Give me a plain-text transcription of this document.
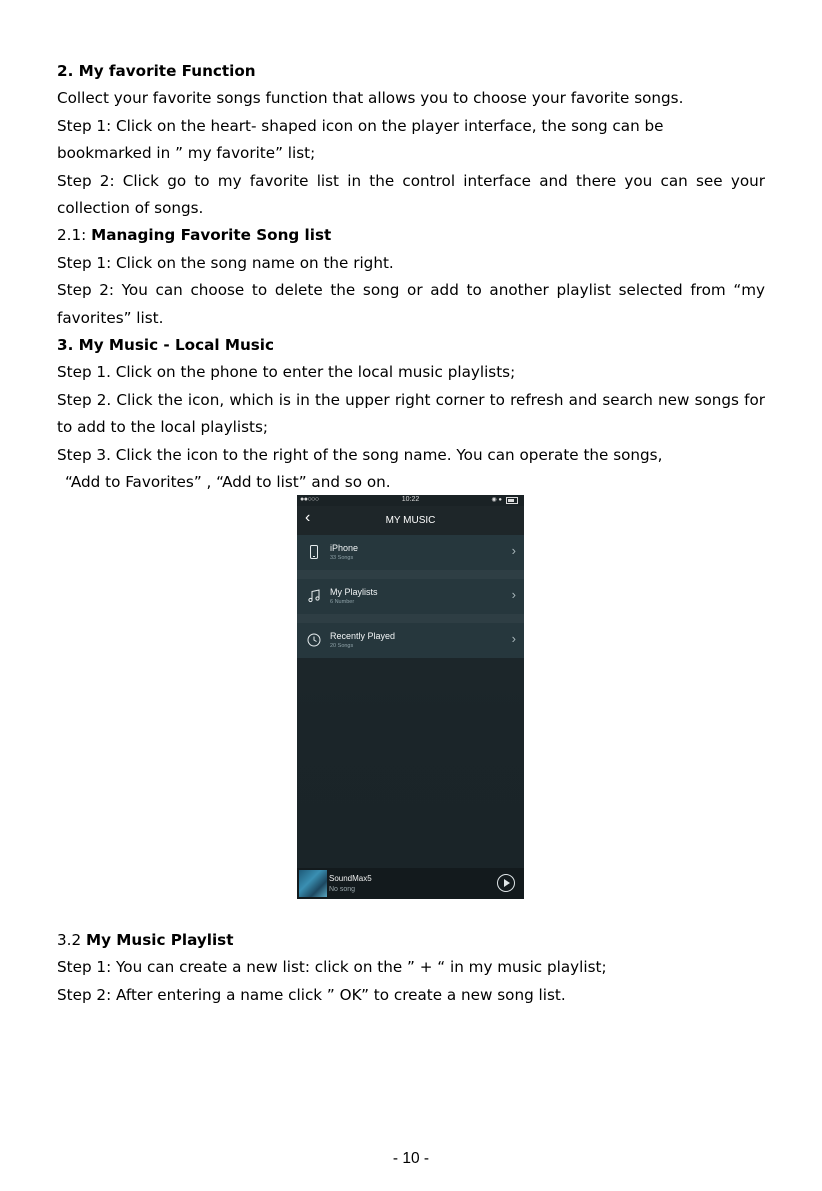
2. My favorite Function
Collect your favorite songs function that allows you to choose your favorite songs.
Step 1: Click on the heart- shaped icon on the player interface, the song can be
bookmarked in ” my favorite” list;
Step 2: Click go to my favorite list in the control interface and there you can see your
collection of songs.
2.1: Managing Favorite Song list
Step 1: Click on the song name on the right.
Step 2: You can choose to delete the song or add to another playlist selected from “my
favorites” list.
3. My Music - Local Music
Step 1. Click on the phone to enter the local music playlists;
Step 2. Click the icon, which is in the upper right corner to refresh and search new songs for
to add to the local playlists;
Step 3. Click the icon to the right of the song name. You can operate the songs,
“Add to Favorites” , “Add to list” and so on.
●●○○○	10:22	◉ ●
‹	MY MUSIC
iPhone
33 Songs	›
My Playlists
6 Number	›
Recently Played
20 Songs	›
SoundMax5
No song
3.2 My Music Playlist
Step 1: You can create a new list: click on the ” + “ in my music playlist;
Step 2: After entering a name click ” OK” to create a new song list.
- 10 -
